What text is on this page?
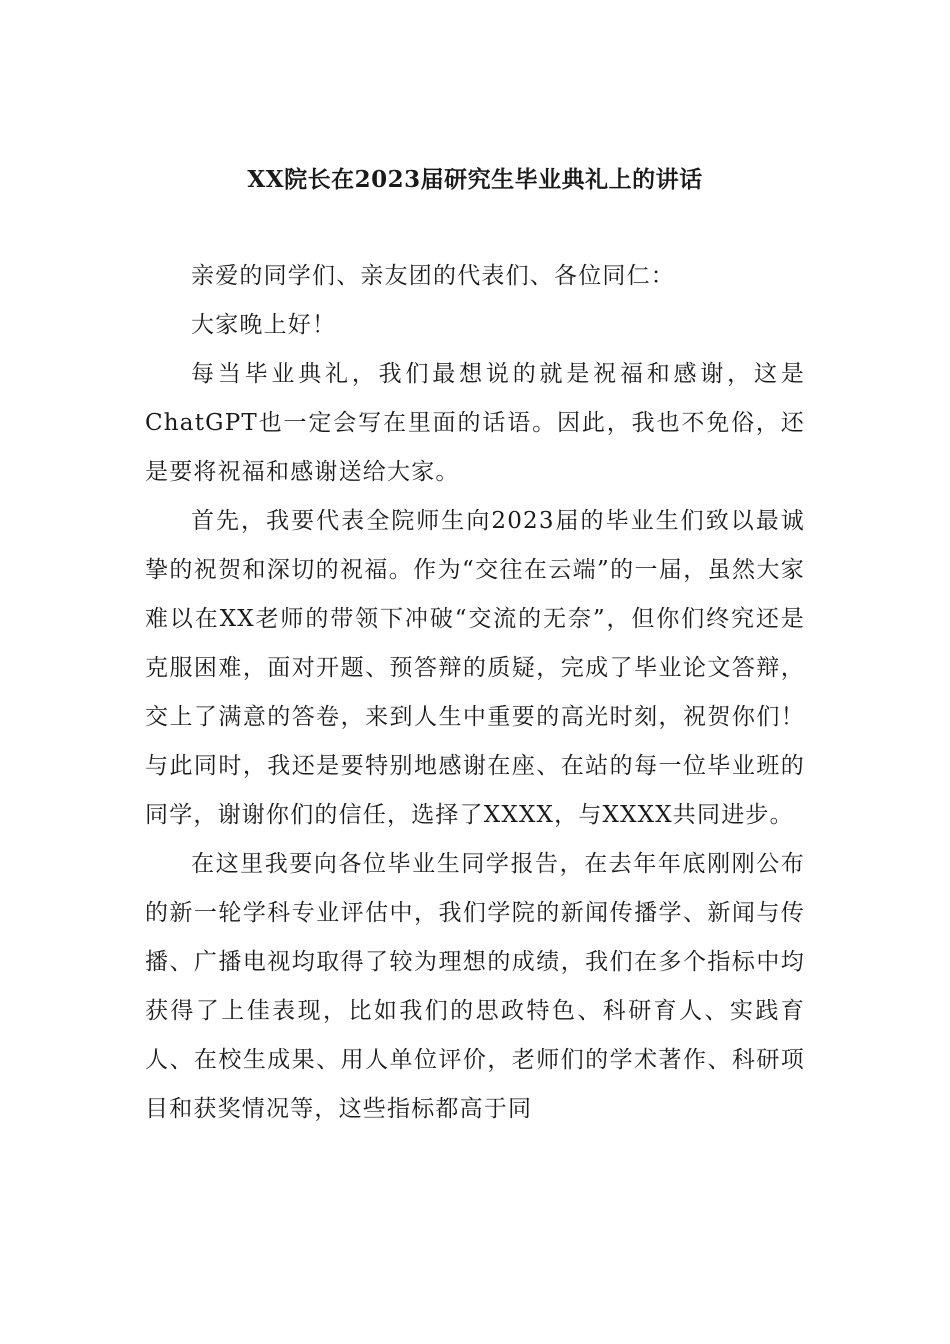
XX院长在2023届研究生毕业典礼上的讲话

亲爱的同学们、亲友团的代表们、各位同仁：

大家晚上好！

每当毕业典礼，我们最想说的就是祝福和感谢，这是ChatGPT也一定会写在里面的话语。因此，我也不免俗，还是要将祝福和感谢送给大家。

首先，我要代表全院师生向2023届的毕业生们致以最诚挚的祝贺和深切的祝福。作为“交往在云端”的一届，虽然大家难以在XX老师的带领下冲破“交流的无奈”，但你们终究还是克服困难，面对开题、预答辩的质疑，完成了毕业论文答辩，交上了满意的答卷，来到人生中重要的高光时刻，祝贺你们！与此同时，我还是要特别地感谢在座、在站的每一位毕业班的同学，谢谢你们的信任，选择了XXXX，与XXXX共同进步。

在这里我要向各位毕业生同学报告，在去年年底刚刚公布的新一轮学科专业评估中，我们学院的新闻传播学、新闻与传播、广播电视均取得了较为理想的成绩，我们在多个指标中均获得了上佳表现，比如我们的思政特色、科研育人、实践育人、在校生成果、用人单位评价，老师们的学术著作、科研项目和获奖情况等，这些指标都高于同
